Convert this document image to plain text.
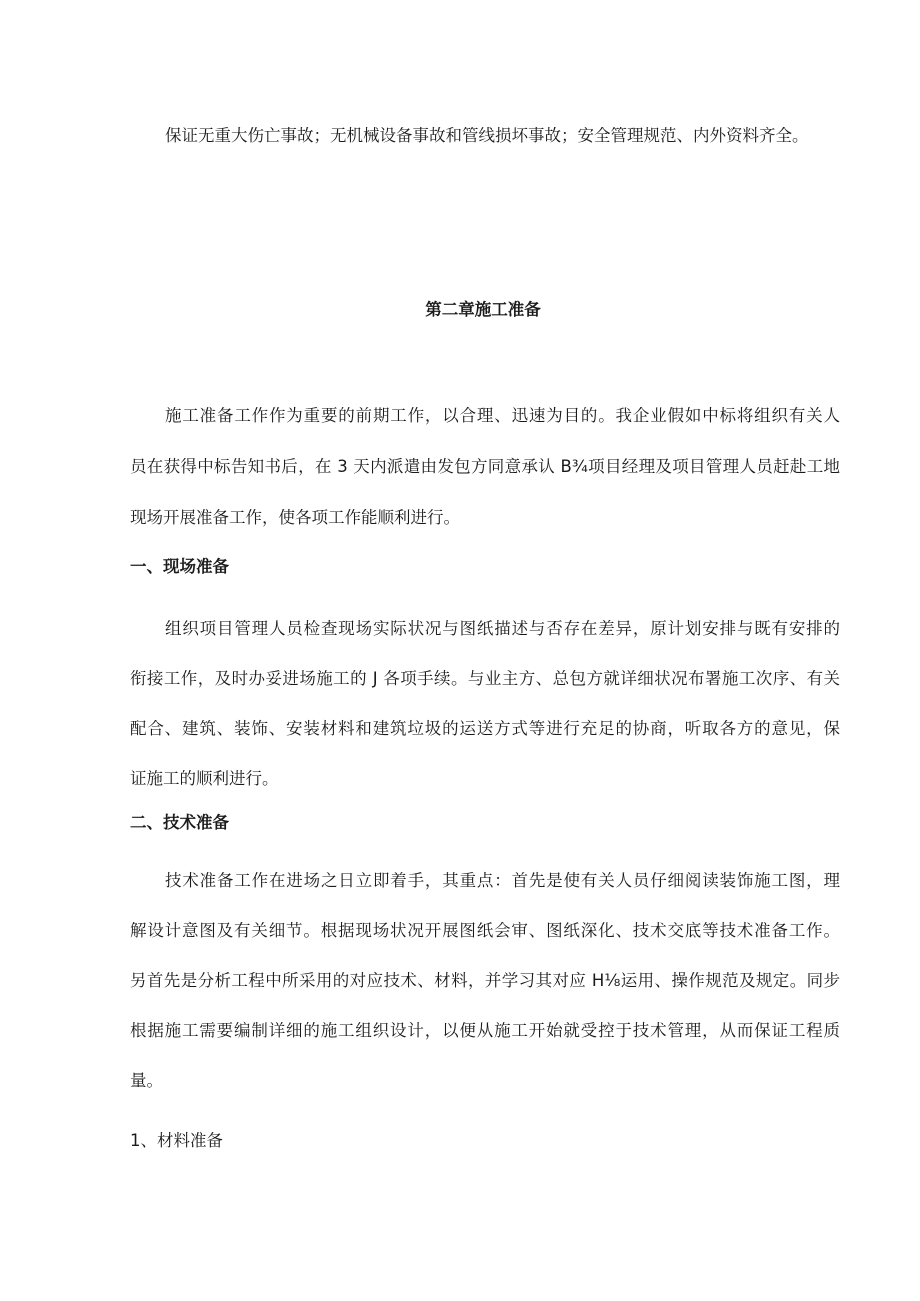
保证无重大伤亡事故；无机械设备事故和管线损坏事故；安全管理规范、内外资料齐全。
第二章施工准备
施工准备工作作为重要的前期工作，以合理、迅速为目的。我企业假如中标将组织有关人
员在获得中标告知书后，在 3 天内派遣由发包方同意承认 B¾项目经理及项目管理人员赶赴工地
现场开展准备工作，使各项工作能顺利进行。
一、现场准备
组织项目管理人员检查现场实际状况与图纸描述与否存在差异，原计划安排与既有安排的
衔接工作，及时办妥进场施工的 J 各项手续。与业主方、总包方就详细状况布署施工次序、有关
配合、建筑、装饰、安装材料和建筑垃圾的运送方式等进行充足的协商，听取各方的意见，保
证施工的顺利进行。
二、技术准备
技术准备工作在进场之日立即着手，其重点：首先是使有关人员仔细阅读装饰施工图，理
解设计意图及有关细节。根据现场状况开展图纸会审、图纸深化、技术交底等技术准备工作。
另首先是分析工程中所采用的对应技术、材料，并学习其对应 H⅛运用、操作规范及规定。同步
根据施工需要编制详细的施工组织设计，以便从施工开始就受控于技术管理，从而保证工程质
量。
1、材料准备
